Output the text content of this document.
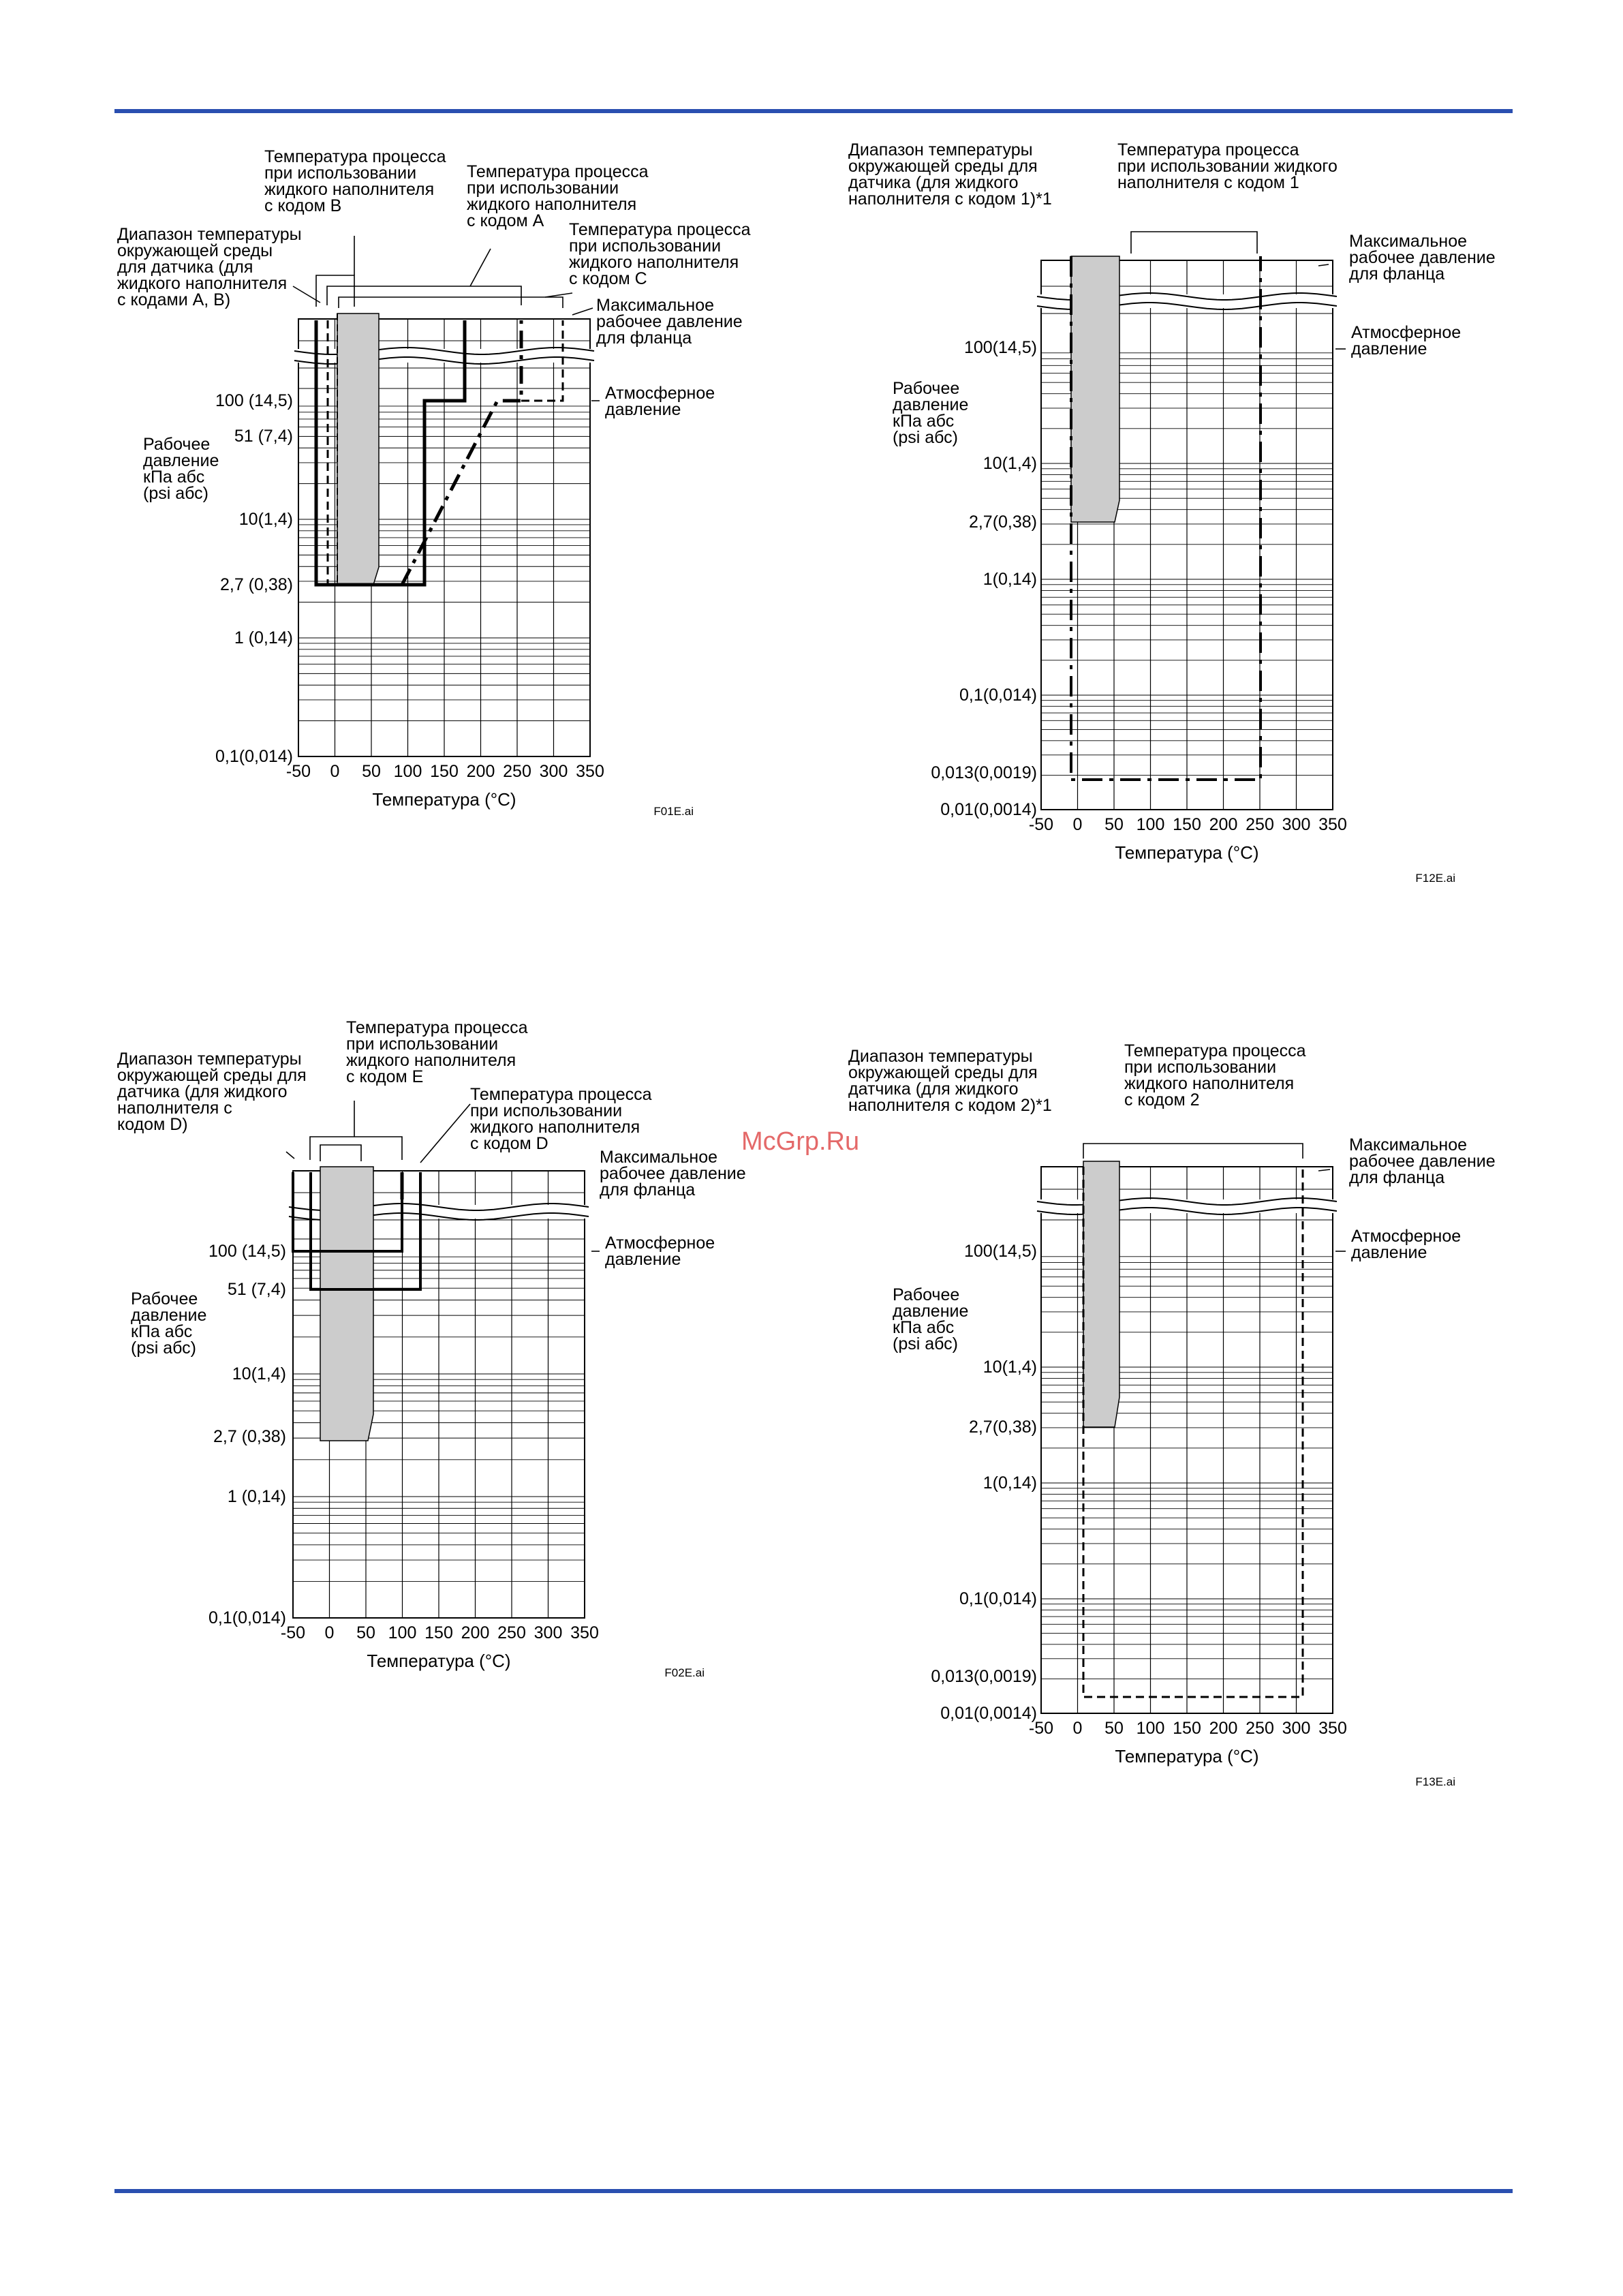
McGrp.Ru
-50 0 50 100 150 200 250 300 350
Температура (°C)
100 (14,5)
51 (7,4)
10(1,4)
2,7 (0,38)
1 (0,14)
0,1(0,014)
Рабочее
давление
кПа абс
(psi абс)
Температура процесса
при использовании
жидкого наполнителя
с кодом B
Температура процесса
при использовании
жидкого наполнителя
с кодом A Температура процесса
при использовании
жидкого наполнителя
с кодом C
Диапазон температуры
окружающей среды
для датчика (для
жидкого наполнителя
с кодами A, B)	Максимальное
рабочее давление
для фланца
Атмосферное
давление
F01E.ai
-50 0 50 100 150 200 250 300 350
Температура (°C)
100(14,5)
10(1,4)
2,7(0,38)
1(0,14)
0,1(0,014)
0,013(0,0019)
0,01(0,0014)
Рабочее
давление
кПа абс
(psi абс)
Диапазон температуры
окружающей среды для
датчика (для жидкого
наполнителя с кодом 1)*1
Температура процесса
при использовании жидкого
наполнителя с кодом 1
Максимальное
рабочее давление
для фланца
Атмосферное
давление
F12E.ai
-50 0 50 100 150 200 250 300 350
Температура (°C)
100 (14,5)
51 (7,4)
10(1,4)
2,7 (0,38)
1 (0,14)
0,1(0,014)
Рабочее
давление
кПа абс
(psi абс)
Диапазон температуры
окружающей среды для
датчика (для жидкого
наполнителя с
кодом D)
Температура процесса
при использовании
жидкого наполнителя
с кодом E
Температура процесса
при использовании
жидкого наполнителя
с кодом D
Максимальное
рабочее давление
для фланца
Атмосферное
давление
F02E.ai
-50 0 50 100 150 200 250 300 350
Температура (°C)
100(14,5)
10(1,4)
2,7(0,38)
1(0,14)
0,1(0,014)
0,013(0,0019)
0,01(0,0014)
Рабочее
давление
кПа абс
(psi абс)
Диапазон температуры
окружающей среды для
датчика (для жидкого
наполнителя с кодом 2)*1
Температура процесса
при использовании
жидкого наполнителя
с кодом 2
Максимальное
рабочее давление
для фланца
Атмосферное
давление
F13E.ai
